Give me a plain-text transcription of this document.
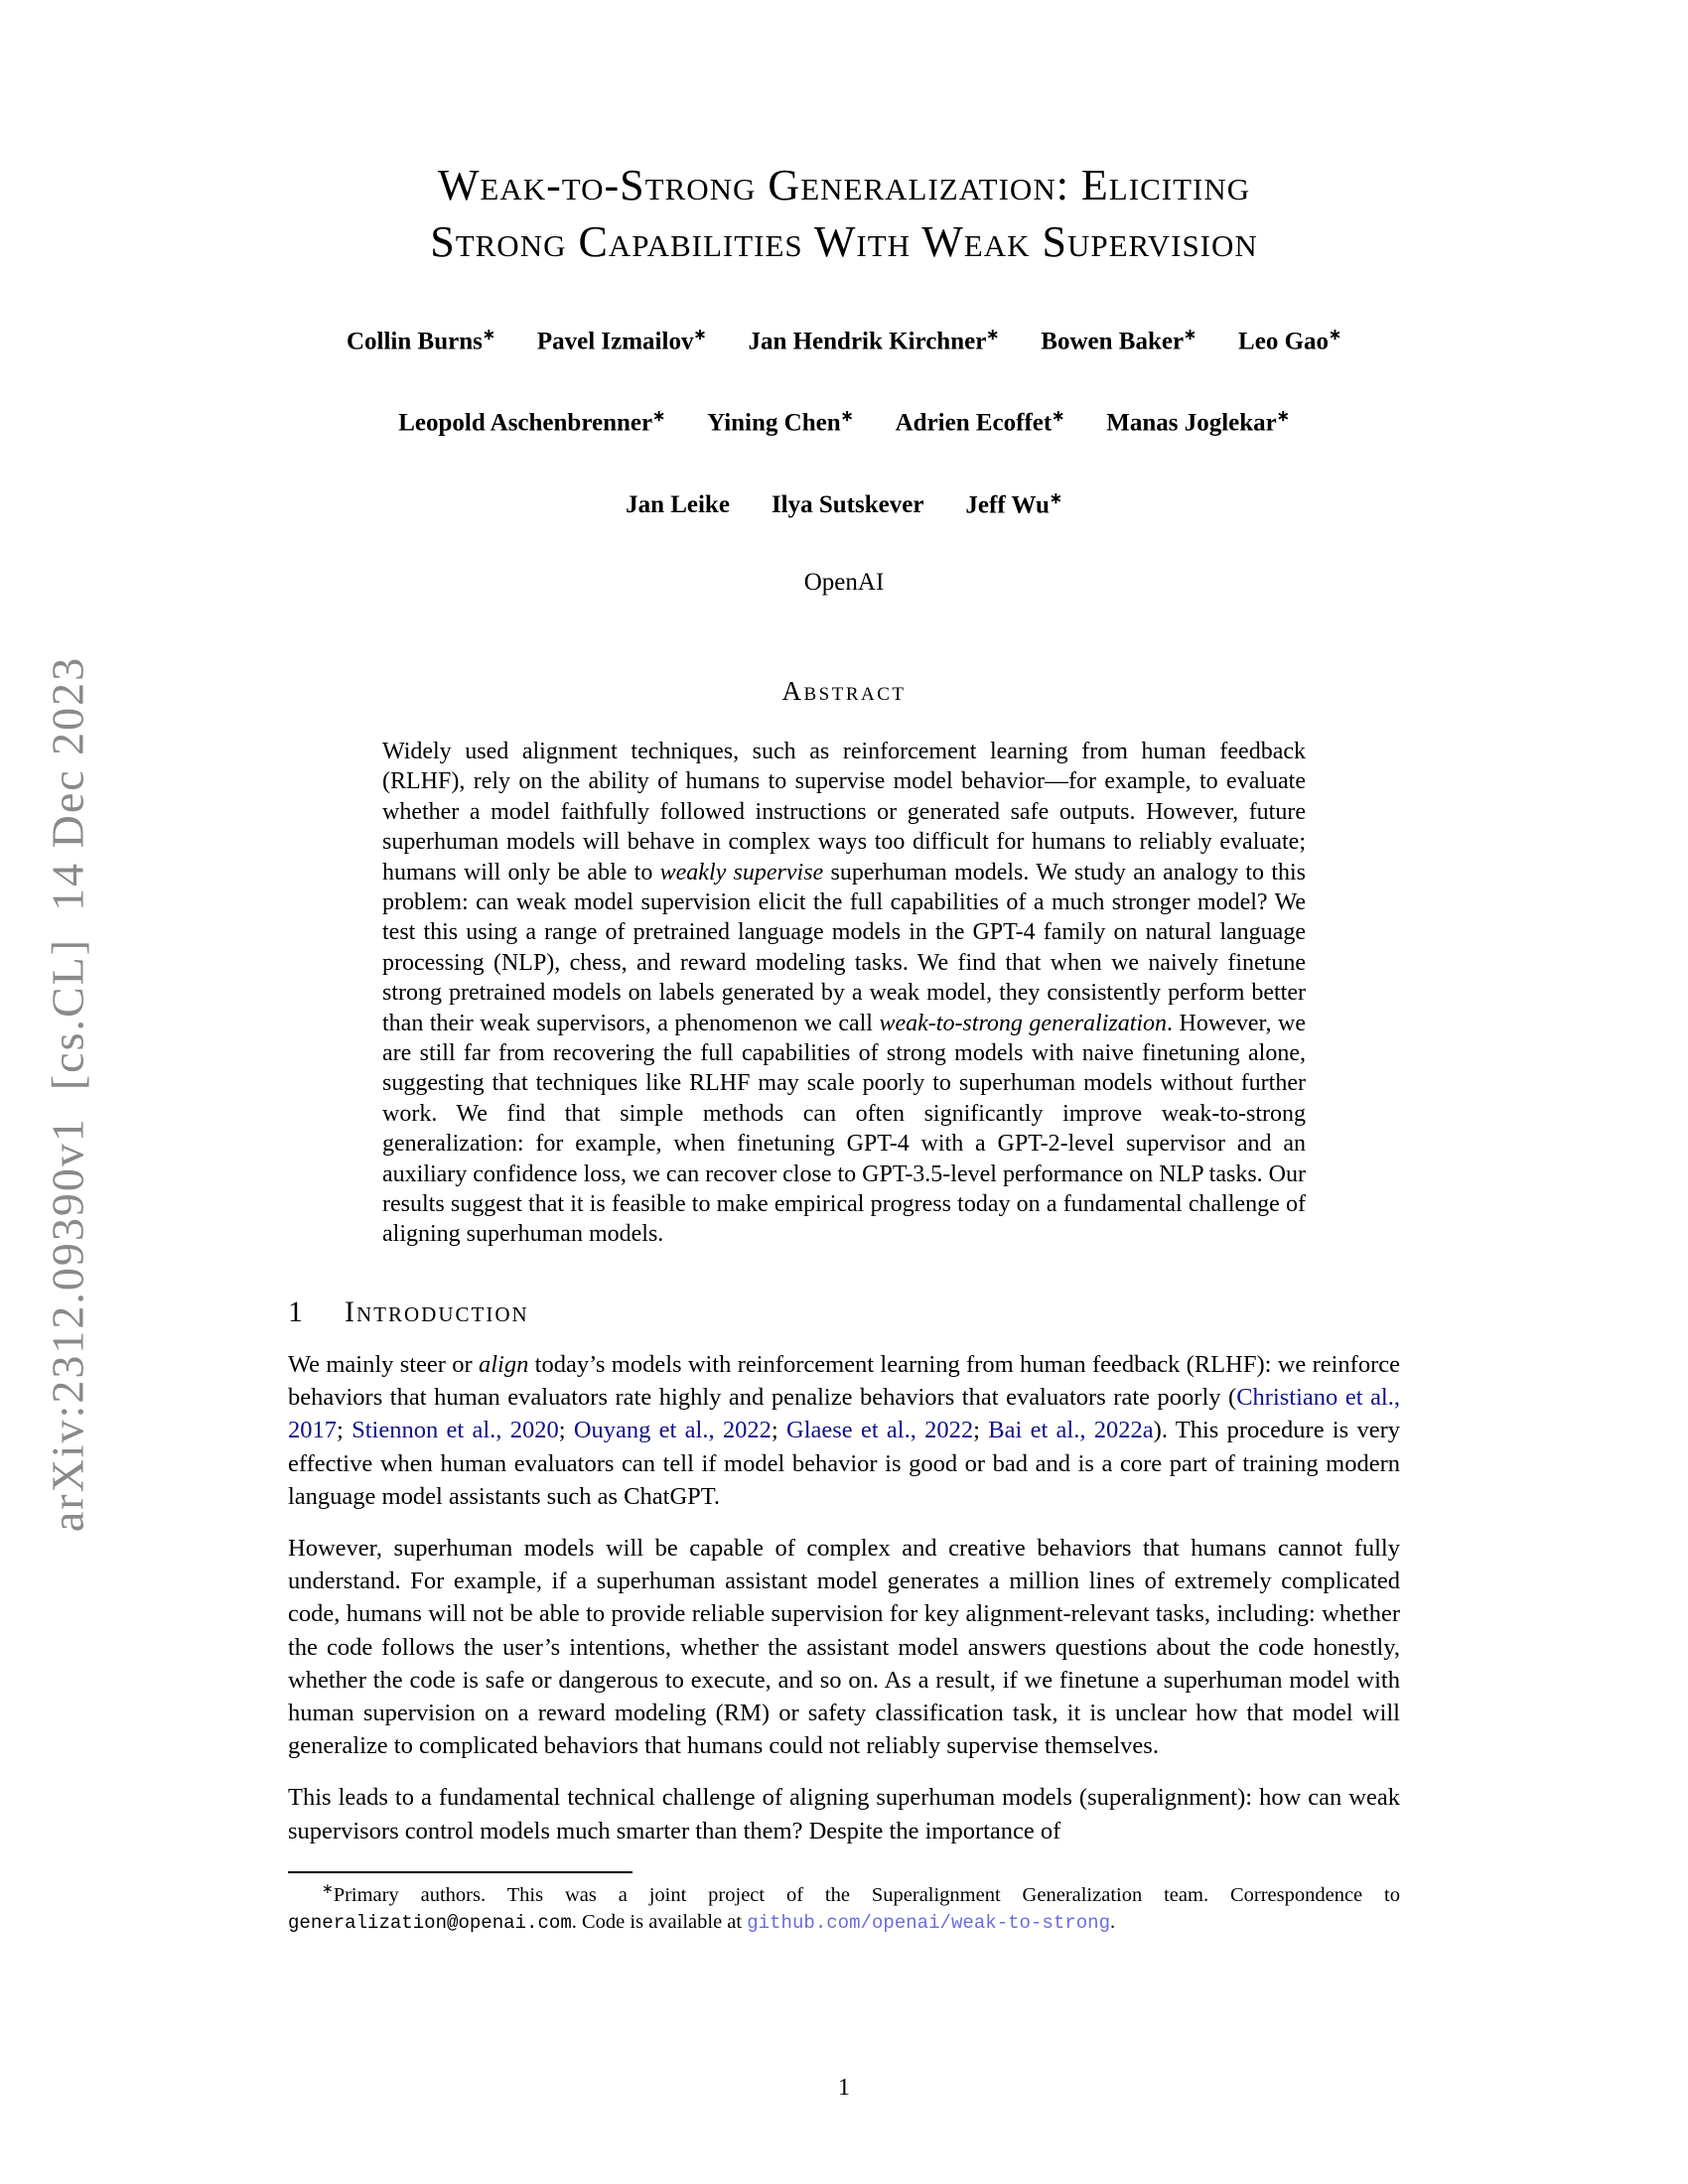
arXiv:2312.09390v1  [cs.CL]  14 Dec 2023
Weak-to-Strong Generalization: Eliciting
Strong Capabilities With Weak Supervision
Collin Burns∗ Pavel Izmailov∗ Jan Hendrik Kirchner∗ Bowen Baker∗ Leo Gao∗
Leopold Aschenbrenner∗ Yining Chen∗ Adrien Ecoffet∗ Manas Joglekar∗
Jan Leike Ilya Sutskever Jeff Wu∗
OpenAI
Abstract
Widely used alignment techniques, such as reinforcement learning from human feedback (RLHF), rely on the ability of humans to supervise model behavior—for example, to evaluate whether a model faithfully followed instructions or generated safe outputs. However, future superhuman models will behave in complex ways too difficult for humans to reliably evaluate; humans will only be able to weakly supervise superhuman models. We study an analogy to this problem: can weak model supervision elicit the full capabilities of a much stronger model? We test this using a range of pretrained language models in the GPT-4 family on natural language processing (NLP), chess, and reward modeling tasks. We find that when we naively finetune strong pretrained models on labels generated by a weak model, they consistently perform better than their weak supervisors, a phenomenon we call weak-to-strong generalization. However, we are still far from recovering the full capabilities of strong models with naive finetuning alone, suggesting that techniques like RLHF may scale poorly to superhuman models without further work. We find that simple methods can often significantly improve weak-to-strong generalization: for example, when finetuning GPT-4 with a GPT-2-level supervisor and an auxiliary confidence loss, we can recover close to GPT-3.5-level performance on NLP tasks. Our results suggest that it is feasible to make empirical progress today on a fundamental challenge of aligning superhuman models.
1 Introduction

We mainly steer or align today’s models with reinforcement learning from human feedback (RLHF): we reinforce behaviors that human evaluators rate highly and penalize behaviors that evaluators rate poorly (Christiano et al., 2017; Stiennon et al., 2020; Ouyang et al., 2022; Glaese et al., 2022; Bai et al., 2022a). This procedure is very effective when human evaluators can tell if model behavior is good or bad and is a core part of training modern language model assistants such as ChatGPT.

However, superhuman models will be capable of complex and creative behaviors that humans cannot fully understand. For example, if a superhuman assistant model generates a million lines of extremely complicated code, humans will not be able to provide reliable supervision for key alignment-relevant tasks, including: whether the code follows the user’s intentions, whether the assistant model answers questions about the code honestly, whether the code is safe or dangerous to execute, and so on. As a result, if we finetune a superhuman model with human supervision on a reward modeling (RM) or safety classification task, it is unclear how that model will generalize to complicated behaviors that humans could not reliably supervise themselves.

This leads to a fundamental technical challenge of aligning superhuman models (superalignment): how can weak supervisors control models much smarter than them? Despite the importance of

∗Primary authors. This was a joint project of the Superalignment Generalization team. Correspondence to generalization@openai.com. Code is available at github.com/openai/weak-to-strong.
1
